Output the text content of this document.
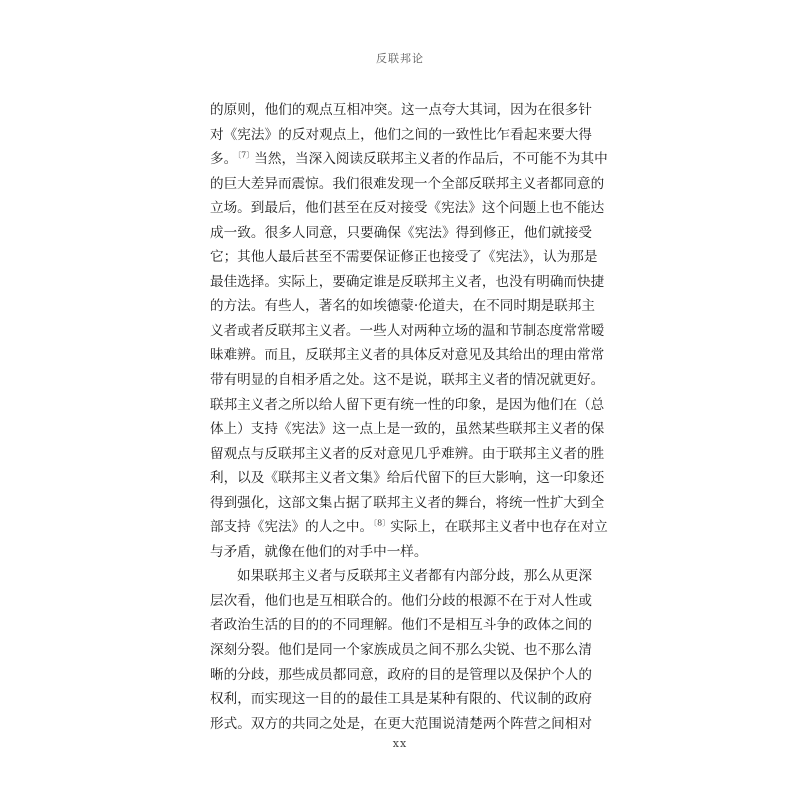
反联邦论
的原则，他们的观点互相冲突。这一点夸大其词，因为在很多针
对《宪法》的反对观点上，他们之间的一致性比乍看起来要大得
多。$^{〔7〕}$当然，当深入阅读反联邦主义者的作品后，不可能不为其中
的巨大差异而震惊。我们很难发现一个全部反联邦主义者都同意的
立场。到最后，他们甚至在反对接受《宪法》这个问题上也不能达
成一致。很多人同意，只要确保《宪法》得到修正，他们就接受
它；其他人最后甚至不需要保证修正也接受了《宪法》，认为那是
最佳选择。实际上，要确定谁是反联邦主义者，也没有明确而快捷
的方法。有些人，著名的如埃德蒙·伦道夫，在不同时期是联邦主
义者或者反联邦主义者。一些人对两种立场的温和节制态度常常暧
昧难辨。而且，反联邦主义者的具体反对意见及其给出的理由常常
带有明显的自相矛盾之处。这不是说，联邦主义者的情况就更好。
联邦主义者之所以给人留下更有统一性的印象，是因为他们在（总
体上）支持《宪法》这一点上是一致的，虽然某些联邦主义者的保
留观点与反联邦主义者的反对意见几乎难辨。由于联邦主义者的胜
利，以及《联邦主义者文集》给后代留下的巨大影响，这一印象还
得到强化，这部文集占据了联邦主义者的舞台，将统一性扩大到全
部支持《宪法》的人之中。$^{〔8〕}$实际上，在联邦主义者中也存在对立
与矛盾，就像在他们的对手中一样。
如果联邦主义者与反联邦主义者都有内部分歧，那么从更深
层次看，他们也是互相联合的。他们分歧的根源不在于对人性或
者政治生活的目的的不同理解。他们不是相互斗争的政体之间的
深刻分裂。他们是同一个家族成员之间不那么尖锐、也不那么清
晰的分歧，那些成员都同意，政府的目的是管理以及保护个人的
权利，而实现这一目的的最佳工具是某种有限的、代议制的政府
形式。双方的共同之处是，在更大范围说清楚两个阵营之间相对
xx
